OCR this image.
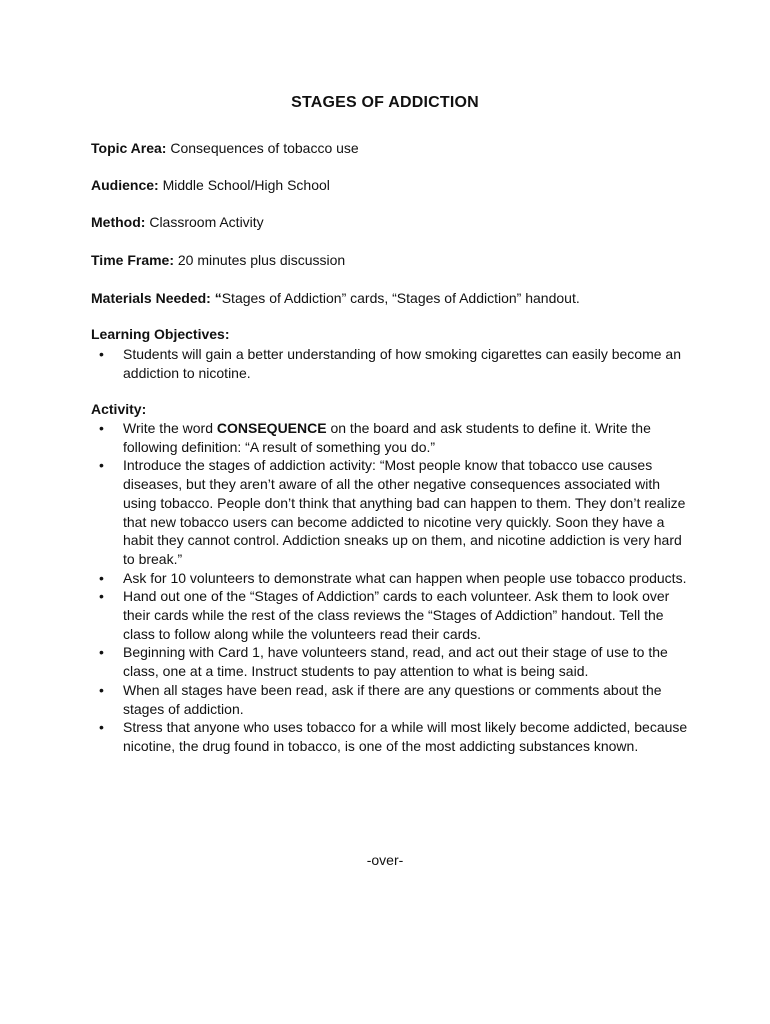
STAGES OF ADDICTION
Topic Area: Consequences of tobacco use
Audience: Middle School/High School
Method: Classroom Activity
Time Frame: 20 minutes plus discussion
Materials Needed: “Stages of Addiction” cards, “Stages of Addiction” handout.
Learning Objectives:
• Students will gain a better understanding of how smoking cigarettes can easily become an addiction to nicotine.
Activity:
• Write the word CONSEQUENCE on the board and ask students to define it. Write the following definition: “A result of something you do.”
• Introduce the stages of addiction activity: “Most people know that tobacco use causes diseases, but they aren’t aware of all the other negative consequences associated with using tobacco. People don’t think that anything bad can happen to them. They don’t realize that new tobacco users can become addicted to nicotine very quickly. Soon they have a habit they cannot control. Addiction sneaks up on them, and nicotine addiction is very hard to break.”
• Ask for 10 volunteers to demonstrate what can happen when people use tobacco products.
• Hand out one of the “Stages of Addiction” cards to each volunteer. Ask them to look over their cards while the rest of the class reviews the “Stages of Addiction” handout. Tell the class to follow along while the volunteers read their cards.
• Beginning with Card 1, have volunteers stand, read, and act out their stage of use to the class, one at a time. Instruct students to pay attention to what is being said.
• When all stages have been read, ask if there are any questions or comments about the stages of addiction.
• Stress that anyone who uses tobacco for a while will most likely become addicted, because nicotine, the drug found in tobacco, is one of the most addicting substances known.
-over-
